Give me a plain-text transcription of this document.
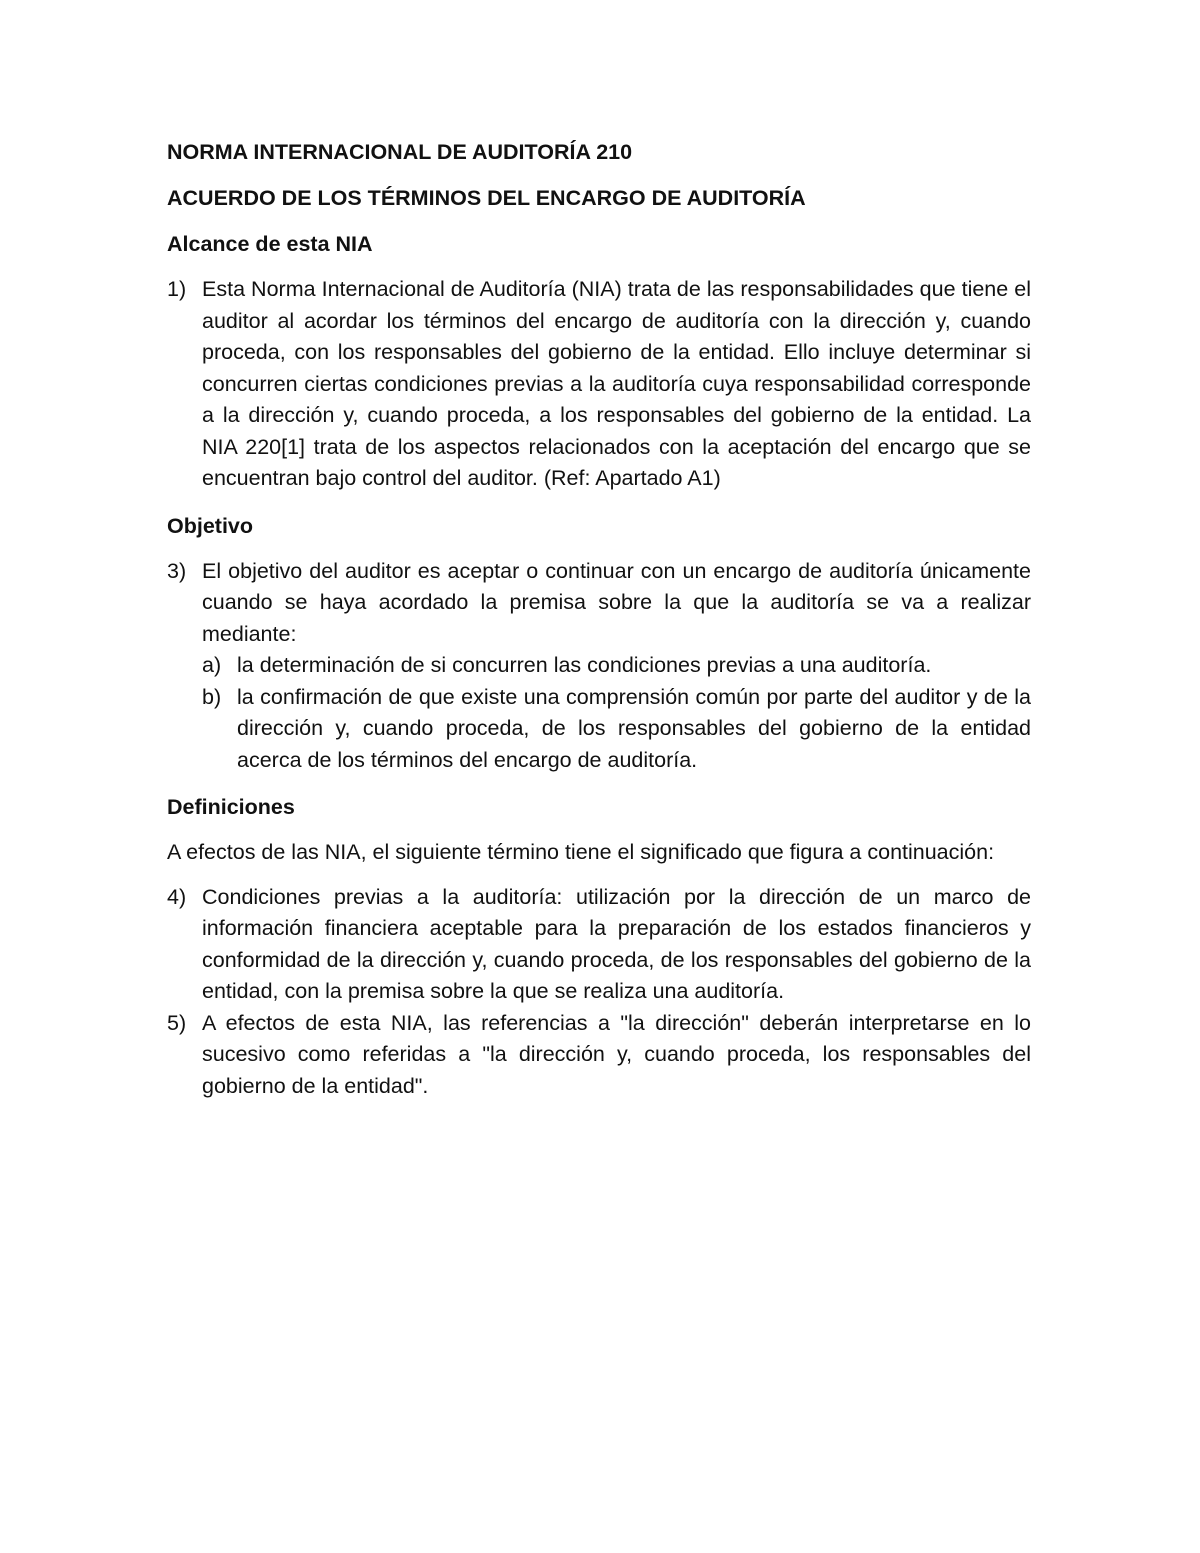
NORMA INTERNACIONAL DE AUDITORÍA 210
ACUERDO DE LOS TÉRMINOS DEL ENCARGO DE AUDITORÍA
Alcance de esta NIA
1) Esta Norma Internacional de Auditoría (NIA) trata de las responsabilidades que tiene el auditor al acordar los términos del encargo de auditoría con la dirección y, cuando proceda, con los responsables del gobierno de la entidad. Ello incluye determinar si concurren ciertas condiciones previas a la auditoría cuya responsabilidad corresponde a la dirección y, cuando proceda, a los responsables del gobierno de la entidad. La NIA 220[1] trata de los aspectos relacionados con la aceptación del encargo que se encuentran bajo control del auditor. (Ref: Apartado A1)
Objetivo
3) El objetivo del auditor es aceptar o continuar con un encargo de auditoría únicamente cuando se haya acordado la premisa sobre la que la auditoría se va a realizar mediante:
a) la determinación de si concurren las condiciones previas a una auditoría.
b) la confirmación de que existe una comprensión común por parte del auditor y de la dirección y, cuando proceda, de los responsables del gobierno de la entidad acerca de los términos del encargo de auditoría.
Definiciones
A efectos de las NIA, el siguiente término tiene el significado que figura a continuación:
4) Condiciones previas a la auditoría: utilización por la dirección de un marco de información financiera aceptable para la preparación de los estados financieros y conformidad de la dirección y, cuando proceda, de los responsables del gobierno de la entidad, con la premisa sobre la que se realiza una auditoría.
5) A efectos de esta NIA, las referencias a "la dirección" deberán interpretarse en lo sucesivo como referidas a "la dirección y, cuando proceda, los responsables del gobierno de la entidad".
